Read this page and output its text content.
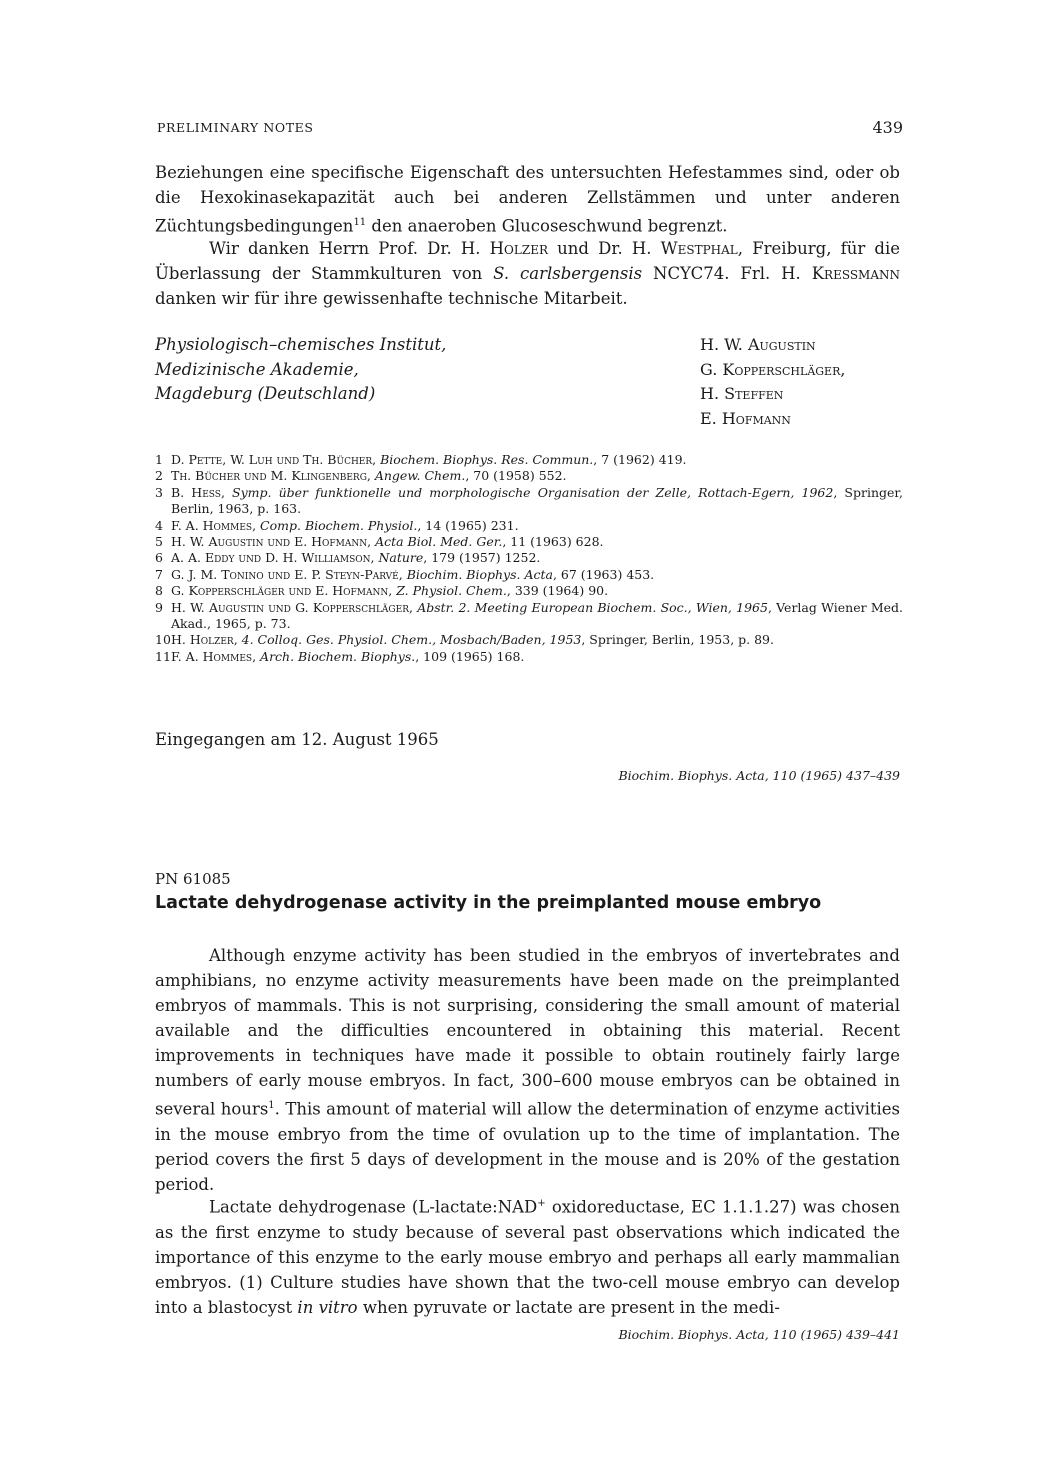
PRELIMINARY NOTES	439

Beziehungen eine specifische Eigenschaft des untersuchten Hefestammes sind, oder ob die Hexokinasekapazität auch bei anderen Zellstämmen und unter anderen Züchtungsbedingungen$^{11}$ den anaeroben Glucoseschwund begrenzt.

Wir danken Herrn Prof. Dr. H. Holzer und Dr. H. Westphal, Freiburg, für die Überlassung der Stammkulturen von S. carlsbergensis NCYC74. Frl. H. Kressmann danken wir für ihre gewissenhafte technische Mitarbeit.

Physiologisch–chemisches Institut,
Medizinische Akademie,
Magdeburg (Deutschland)
H. W. Augustin
G. Kopperschläger,
H. Steffen
E. Hofmann
1 D. Pette, W. Luh und Th. Bücher, Biochem. Biophys. Res. Commun., 7 (1962) 419.
2 Th. Bücher und M. Klingenberg, Angew. Chem., 70 (1958) 552.
3 B. Hess, Symp. über funktionelle und morphologische Organisation der Zelle, Rottach-Egern, 1962, Springer, Berlin, 1963, p. 163.
4 F. A. Hommes, Comp. Biochem. Physiol., 14 (1965) 231.
5 H. W. Augustin und E. Hofmann, Acta Biol. Med. Ger., 11 (1963) 628.
6 A. A. Eddy und D. H. Williamson, Nature, 179 (1957) 1252.
7 G. J. M. Tonino und E. P. Steyn-Parvé, Biochim. Biophys. Acta, 67 (1963) 453.
8 G. Kopperschläger und E. Hofmann, Z. Physiol. Chem., 339 (1964) 90.
9 H. W. Augustin und G. Kopperschläger, Abstr. 2. Meeting European Biochem. Soc., Wien, 1965, Verlag Wiener Med. Akad., 1965, p. 73.
10 H. Holzer, 4. Colloq. Ges. Physiol. Chem., Mosbach/Baden, 1953, Springer, Berlin, 1953, p. 89.
11 F. A. Hommes, Arch. Biochem. Biophys., 109 (1965) 168.
Eingegangen am 12. August 1965
Biochim. Biophys. Acta, 110 (1965) 437–439
PN 61085
Lactate dehydrogenase activity in the preimplanted mouse embryo

Although enzyme activity has been studied in the embryos of invertebrates and amphibians, no enzyme activity measurements have been made on the preimplanted embryos of mammals. This is not surprising, considering the small amount of material available and the difficulties encountered in obtaining this material. Recent improvements in techniques have made it possible to obtain routinely fairly large numbers of early mouse embryos. In fact, 300–600 mouse embryos can be obtained in several hours$^1$. This amount of material will allow the determination of enzyme activities in the mouse embryo from the time of ovulation up to the time of implantation. The period covers the first 5 days of development in the mouse and is 20% of the gestation period.

Lactate dehydrogenase (L-lactate:NAD+ oxidoreductase, EC 1.1.1.27) was chosen as the first enzyme to study because of several past observations which indicated the importance of this enzyme to the early mouse embryo and perhaps all early mammalian embryos. (1) Culture studies have shown that the two-cell mouse embryo can develop into a blastocyst in vitro when pyruvate or lactate are present in the medi-

Biochim. Biophys. Acta, 110 (1965) 439–441
